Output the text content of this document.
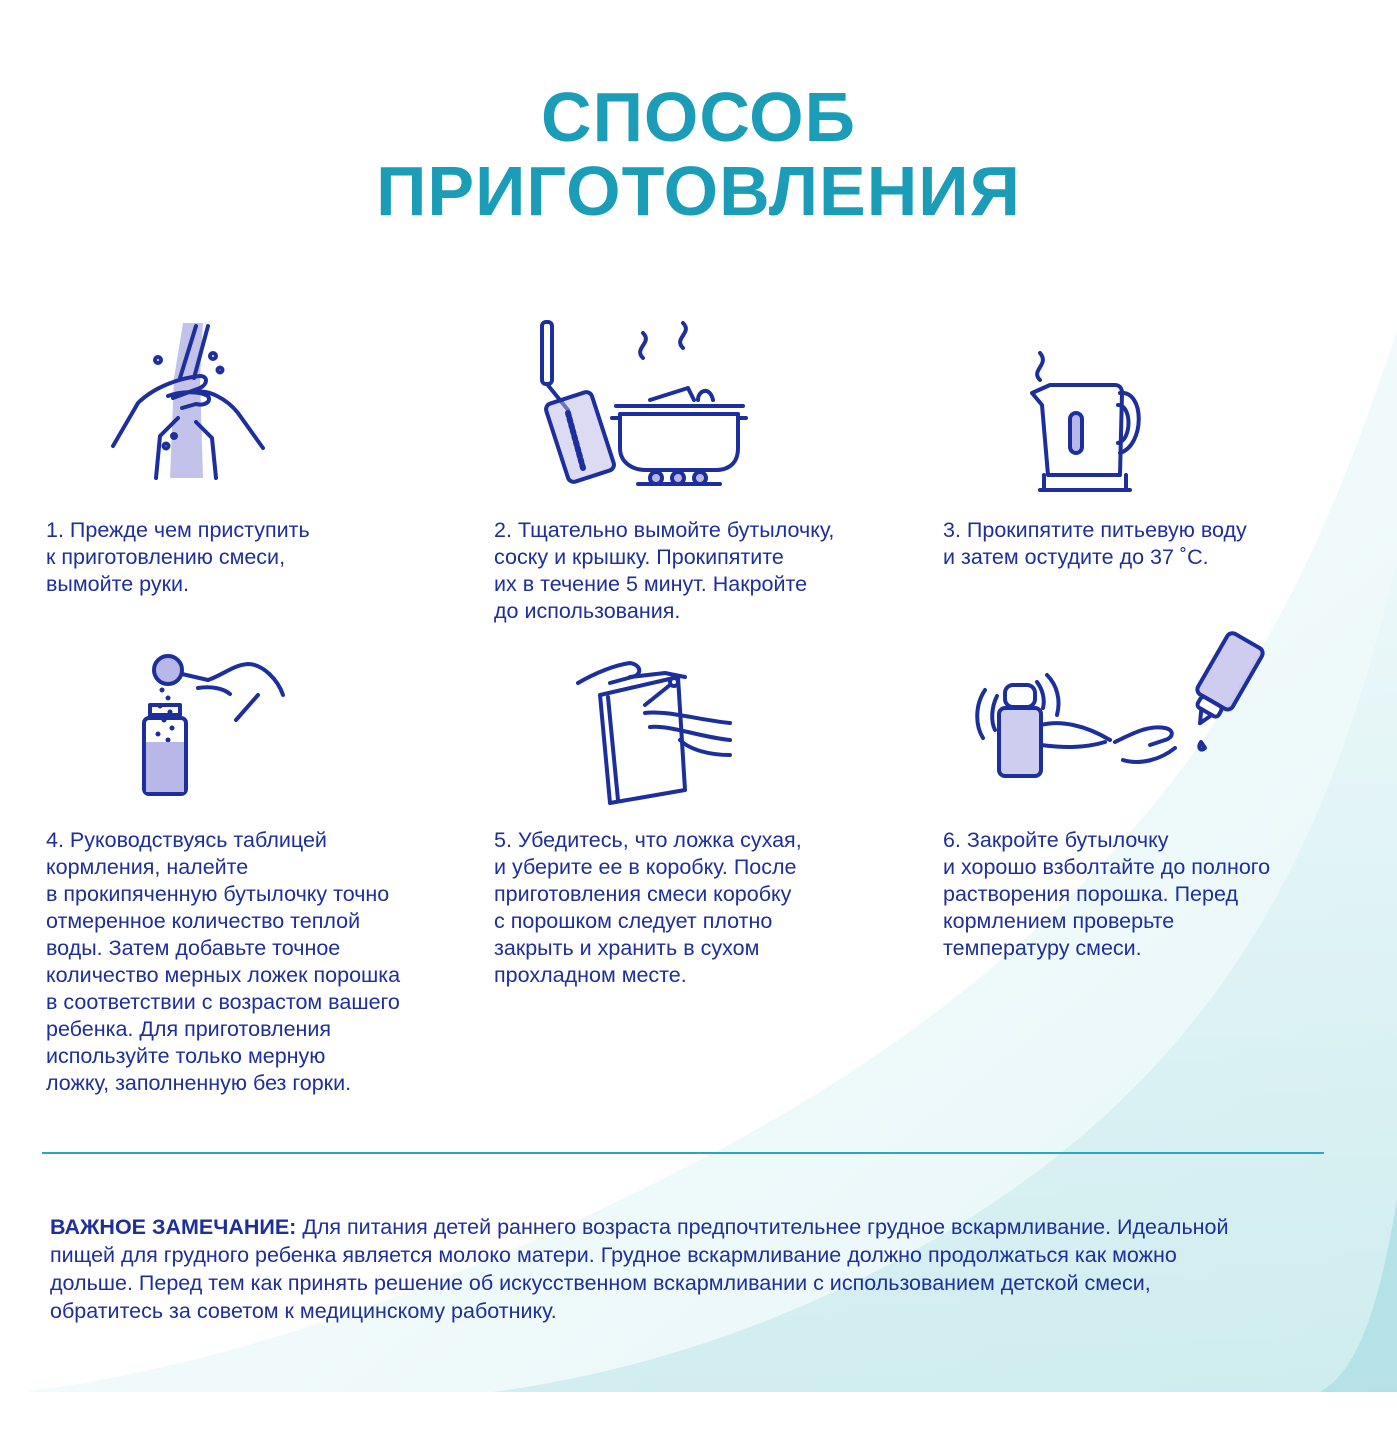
СПОСОБ
ПРИГОТОВЛЕНИЯ
1. Прежде чем приступить
к приготовлению смеси,
вымойте руки.
2. Тщательно вымойте бутылочку,
соску и крышку. Прокипятите
их в течение 5 минут. Накройте
до использования.
3. Прокипятите питьевую воду
и затем остудите до 37 ˚С.
4. Руководствуясь таблицей
кормления, налейте
в прокипяченную бутылочку точно
отмеренное количество теплой
воды. Затем добавьте точное
количество мерных ложек порошка
в соответствии с возрастом вашего
ребенка. Для приготовления
используйте только мерную
ложку, заполненную без горки.
5. Убедитесь, что ложка сухая,
и уберите ее в коробку. После
приготовления смеси коробку
с порошком следует плотно
закрыть и хранить в сухом
прохладном месте.
6. Закройте бутылочку
и хорошо взболтайте до полного
растворения порошка. Перед
кормлением проверьте
температуру смеси.
ВАЖНОЕ ЗАМЕЧАНИЕ: Для питания детей раннего возраста предпочтительнее грудное вскармливание. Идеальной
пищей для грудного ребенка является молоко матери. Грудное вскармливание должно продолжаться как можно
дольше. Перед тем как принять решение об искусственном вскармливании с использованием детской смеси,
обратитесь за советом к медицинскому работнику.
